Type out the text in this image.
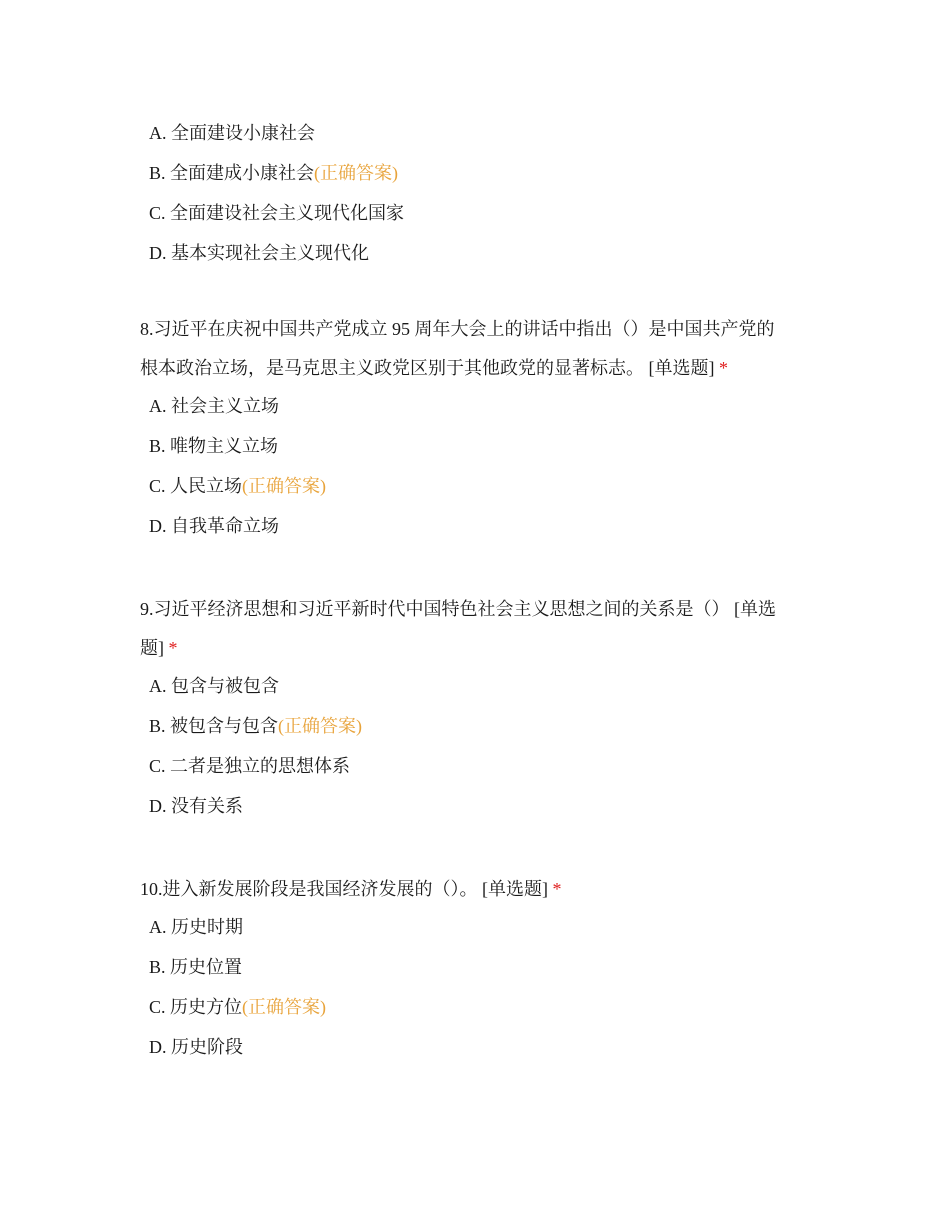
A. 全面建设小康社会
B. 全面建成小康社会(正确答案)
C. 全面建设社会主义现代化国家
D. 基本实现社会主义现代化
8.习近平在庆祝中国共产党成立 95 周年大会上的讲话中指出（）是中国共产党的
根本政治立场，是马克思主义政党区别于其他政党的显著标志。 [单选题] *
A. 社会主义立场
B. 唯物主义立场
C. 人民立场(正确答案)
D. 自我革命立场
9.习近平经济思想和习近平新时代中国特色社会主义思想之间的关系是（） [单选
题] *
A. 包含与被包含
B. 被包含与包含(正确答案)
C. 二者是独立的思想体系
D. 没有关系
10.进入新发展阶段是我国经济发展的（）。 [单选题] *
A. 历史时期
B. 历史位置
C. 历史方位(正确答案)
D. 历史阶段
